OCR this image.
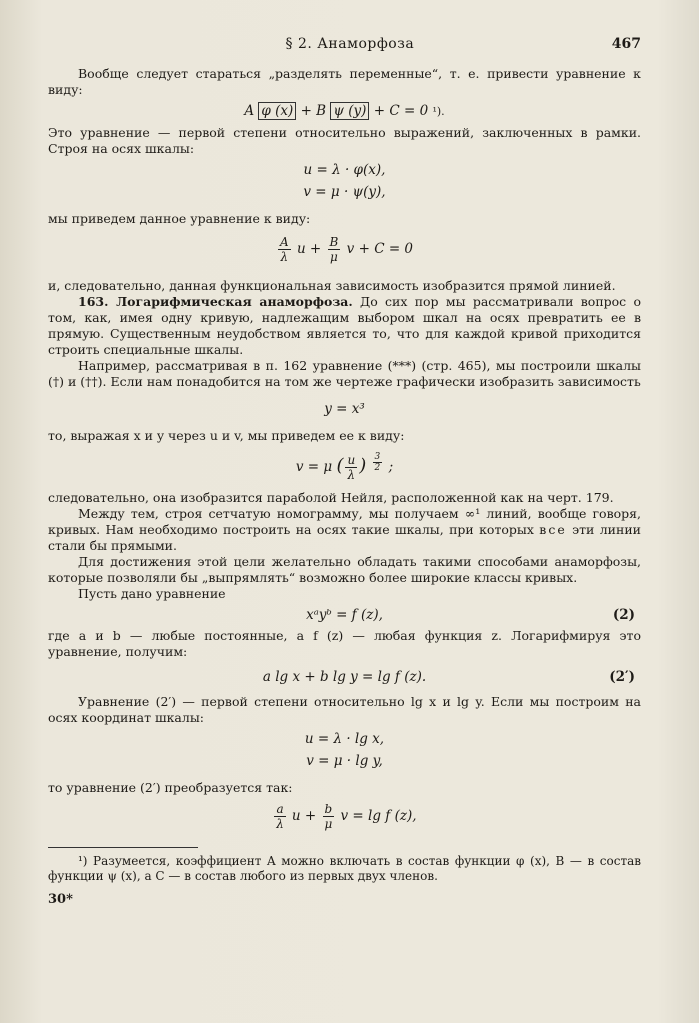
§ 2. Анаморфоза	467

Вообще следует стараться „разделять переменные“, т. е. привести уравнение к виду:

A φ (x) + B ψ (y) + C = 0 ¹).

Это уравнение — первой степени относительно выражений, заключенных в рамки. Строя на осях шкалы:

u = λ · φ(x),
v = μ · ψ(y),

мы приведем данное уравнение к виду:

$\frac{A}{\lambda}$ $u + \frac{B}{\mu}$ v + C = 0

и, следовательно, данная функциональная зависимость изобразится прямой линией.

163. Логарифмическая анаморфоза. До сих пор мы рассматривали вопрос о том, как, имея одну кривую, надлежащим выбором шкал на осях превратить ее в прямую. Существенным неудобством является то, что для каждой кривой приходится строить специальные шкалы.

Например, рассматривая в п. 162 уравнение (***) (стр. 465), мы построили шкалы (†) и (††). Если нам понадобится на том же чертеже графически изобразить зависимость

y = x³

то, выражая x и y через u и v, мы приведем ее к виду:

v = μ ( $\frac{u}{\lambda}$ ) $^{\frac{3}{2}}$ ;

следовательно, она изобразится параболой Нейля, расположенной как на черт. 179.

Между тем, строя сетчатую номограмму, мы получаем ∞¹ линий, вообще говоря, кривых. Нам необходимо построить на осях такие шкалы, при которых все эти линии стали бы прямыми.

Для достижения этой цели желательно обладать такими способами анаморфозы, которые позволяли бы „выпрямлять“ возможно более широкие классы кривых.

Пусть дано уравнение

xᵃyᵇ = f (z),	(2)

где a и b — любые постоянные, а f (z) — любая функция z. Логарифмируя это уравнение, получим:

a lg x + b lg y = lg f (z).	(2′)

Уравнение (2′) — первой степени относительно lg x и lg y. Если мы построим на осях координат шкалы:

u = λ · lg x,
v = μ · lg y,

то уравнение (2′) преобразуется так:

$\frac{a}{\lambda}$ $u + \frac{b}{\mu}$ v = lg f (z),

¹) Разумеется, коэффициент A можно включать в состав функции φ (x), B — в состав функции ψ (x), а C — в состав любого из первых двух членов.

30*
